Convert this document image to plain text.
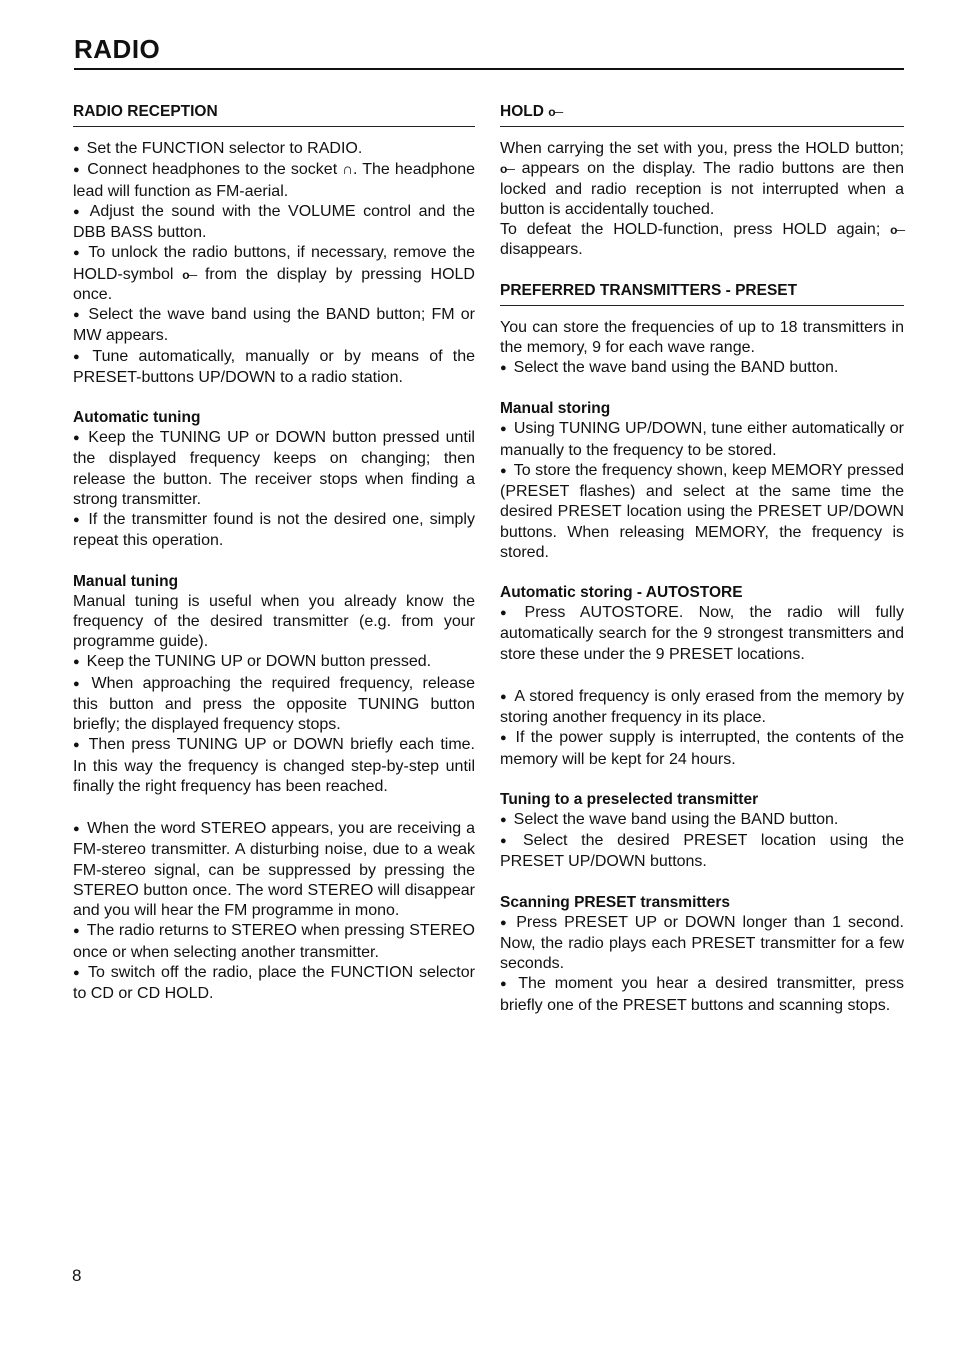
RADIO
RADIO RECEPTION

● Set the FUNCTION selector to RADIO.

● Connect headphones to the socket ∩. The headphone lead will function as FM-aerial.

● Adjust the sound with the VOLUME control and the DBB BASS button.

● To unlock the radio buttons, if necessary, remove the HOLD-symbol o─ from the display by pressing HOLD once.

● Select the wave band using the BAND button; FM or MW appears.

● Tune automatically, manually or by means of the PRESET-buttons UP/DOWN to a radio station.

Automatic tuning

● Keep the TUNING UP or DOWN button pressed until the displayed frequency keeps on changing; then release the button. The receiver stops when finding a strong transmitter.

● If the transmitter found is not the desired one, simply repeat this operation.

Manual tuning

Manual tuning is useful when you already know the frequency of the desired transmitter (e.g. from your programme guide).

● Keep the TUNING UP or DOWN button pressed.

● When approaching the required frequency, release this button and press the opposite TUNING button briefly; the displayed frequency stops.

● Then press TUNING UP or DOWN briefly each time. In this way the frequency is changed step-by-step until finally the right frequency has been reached.

● When the word STEREO appears, you are receiving a FM-stereo transmitter. A disturbing noise, due to a weak FM-stereo signal, can be suppressed by pressing the STEREO button once. The word STEREO will disappear and you will hear the FM programme in mono.

● The radio returns to STEREO when pressing STEREO once or when selecting another transmitter.

● To switch off the radio, place the FUNCTION selector to CD or CD HOLD.

HOLD o─

When carrying the set with you, press the HOLD button; o─ appears on the display. The radio buttons are then locked and radio reception is not interrupted when a button is accidentally touched.

To defeat the HOLD-function, press HOLD again; o─ disappears.

PREFERRED TRANSMITTERS - PRESET

You can store the frequencies of up to 18 transmitters in the memory, 9 for each wave range.

● Select the wave band using the BAND button.

Manual storing

● Using TUNING UP/DOWN, tune either automatically or manually to the frequency to be stored.

● To store the frequency shown, keep MEMORY pressed (PRESET flashes) and select at the same time the desired PRESET location using the PRESET UP/DOWN buttons. When releasing MEMORY, the frequency is stored.

Automatic storing - AUTOSTORE

● Press AUTOSTORE. Now, the radio will fully automatically search for the 9 strongest transmitters and store these under the 9 PRESET locations.

● A stored frequency is only erased from the memory by storing another frequency in its place.

● If the power supply is interrupted, the contents of the memory will be kept for 24 hours.

Tuning to a preselected transmitter

● Select the wave band using the BAND button.

● Select the desired PRESET location using the PRESET UP/DOWN buttons.

Scanning PRESET transmitters

● Press PRESET UP or DOWN longer than 1 second. Now, the radio plays each PRESET transmitter for a few seconds.

● The moment you hear a desired transmitter, press briefly one of the PRESET buttons and scanning stops.

8
